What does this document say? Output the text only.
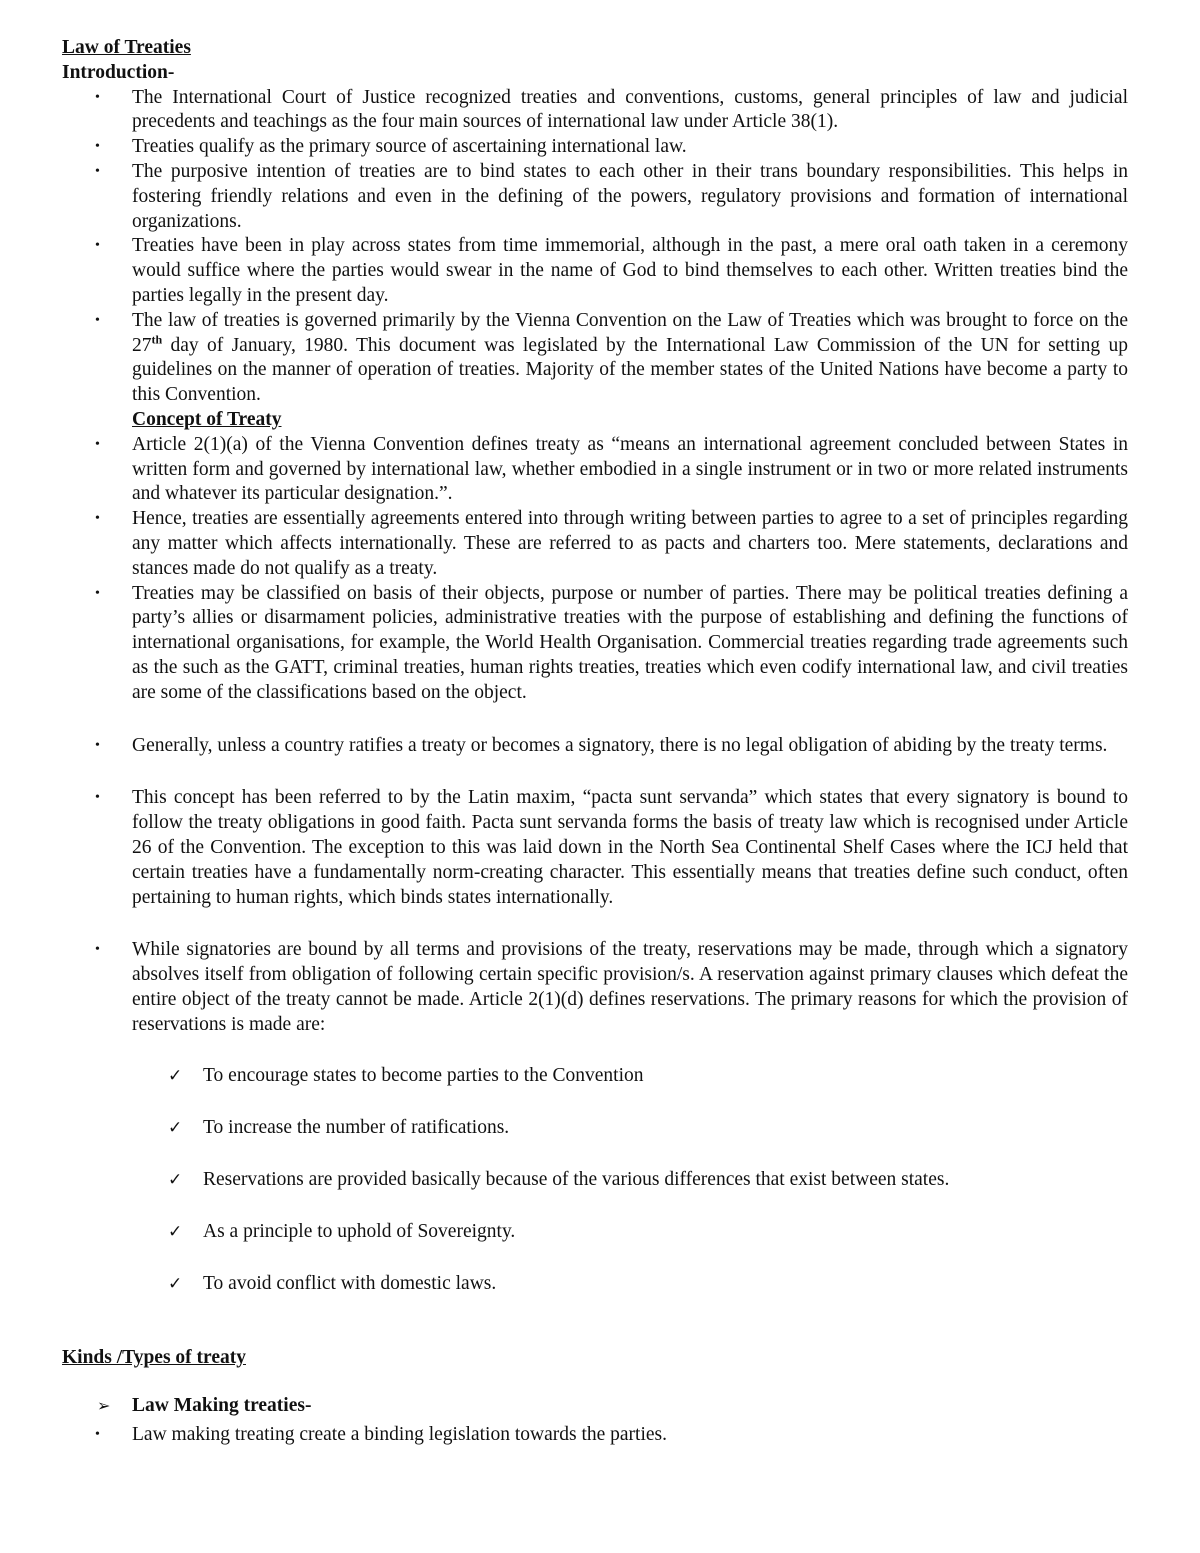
Law of Treaties
Introduction-
• The International Court of Justice recognized treaties and conventions, customs, general principles of law and judicial precedents and teachings as the four main sources of international law under Article 38(1).
• Treaties qualify as the primary source of ascertaining international law.
• The purposive intention of treaties are to bind states to each other in their trans boundary responsibilities. This helps in fostering friendly relations and even in the defining of the powers, regulatory provisions and formation of international organizations.
• Treaties have been in play across states from time immemorial, although in the past, a mere oral oath taken in a ceremony would suffice where the parties would swear in the name of God to bind themselves to each other. Written treaties bind the parties legally in the present day.
• The law of treaties is governed primarily by the Vienna Convention on the Law of Treaties which was brought to force on the 27th day of January, 1980. This document was legislated by the International Law Commission of the UN for setting up guidelines on the manner of operation of treaties. Majority of the member states of the United Nations have become a party to this Convention.
Concept of Treaty
• Article 2(1)(a) of the Vienna Convention defines treaty as “means an international agreement concluded between States in written form and governed by international law, whether embodied in a single instrument or in two or more related instruments and whatever its particular designation.”.
• Hence, treaties are essentially agreements entered into through writing between parties to agree to a set of principles regarding any matter which affects internationally. These are referred to as pacts and charters too. Mere statements, declarations and stances made do not qualify as a treaty.
• Treaties may be classified on basis of their objects, purpose or number of parties. There may be political treaties defining a party’s allies or disarmament policies, administrative treaties with the purpose of establishing and defining the functions of international organisations, for example, the World Health Organisation. Commercial treaties regarding trade agreements such as the such as the GATT, criminal treaties, human rights treaties, treaties which even codify international law, and civil treaties are some of the classifications based on the object.
• Generally, unless a country ratifies a treaty or becomes a signatory, there is no legal obligation of abiding by the treaty terms.
• This concept has been referred to by the Latin maxim, “pacta sunt servanda” which states that every signatory is bound to follow the treaty obligations in good faith. Pacta sunt servanda forms the basis of treaty law which is recognised under Article 26 of the Convention. The exception to this was laid down in the North Sea Continental Shelf Cases where the ICJ held that certain treaties have a fundamentally norm-creating character. This essentially means that treaties define such conduct, often pertaining to human rights, which binds states internationally.
• While signatories are bound by all terms and provisions of the treaty, reservations may be made, through which a signatory absolves itself from obligation of following certain specific provision/s. A reservation against primary clauses which defeat the entire object of the treaty cannot be made. Article 2(1)(d) defines reservations. The primary reasons for which the provision of reservations is made are:
✓ To encourage states to become parties to the Convention
✓ To increase the number of ratifications.
✓ Reservations are provided basically because of the various differences that exist between states.
✓ As a principle to uphold of Sovereignty.
✓ To avoid conflict with domestic laws.
Kinds /Types of treaty
➢ Law Making treaties-
• Law making treating create a binding legislation towards the parties.
